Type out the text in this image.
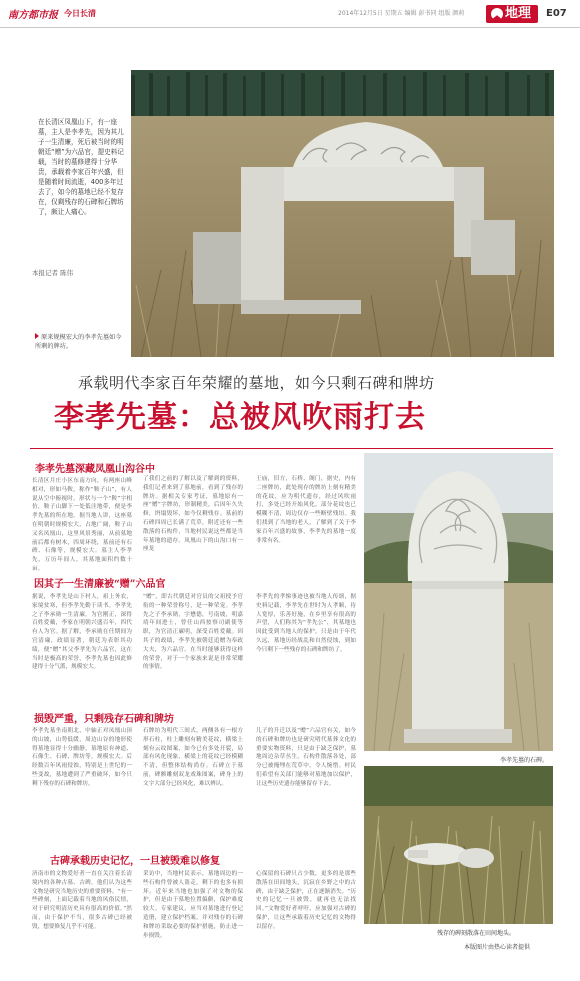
南方都市报 今日长清	2014年12月5日 星期五 编辑 彭书同 组版 颜莉	地理 E07
原来规模宏大的李孝先墓如今所剩的牌坊。
在长清区凤凰山下，有一座墓，主人是李孝先，因为其儿子一生清廉，死后被当时的明朝廷“赠”为六品官，提史料记载，当时的墓修建得十分华贵，承载着李家百年兴盛，但是随着时间流逝，400多年过去了，如今的墓地已经不复存在，仅剩残存的石碑和石牌坊了，颇让人痛心。
本报记者 陈伟
承载明代李家百年荣耀的墓地，如今只剩石碑和牌坊
李孝先墓：总被风吹雨打去
李孝先墓深藏凤凰山沟谷中
长清区月庄小区东南方向，有两座山峰相对，形如马鞍，称作“鞍子山”，有人说从空中俯视时，形状与一个“鞍”字相仿，鞍子山脚下一处低洼地带，便是李孝先墓的所在地。据当地人讲，这座墓在明朝时规模宏大，占地广阔，鞍子山又名凤凰山，这里风景秀丽，从前墓地前后都有树木，四周环绕，墓前还有石碑、石像等，规模宏大。墓主人李孝先，万历年间人，其墓地面积约数十亩。
了我们之前的了解以及了解到的资料，我们记者来到了墓地前，看到了残存的牌坊。据相关专家考证，墓地原有一座“赠”字牌坊，形制精美，后因年久失修，坍塌毁坏，如今仅剩残存。墓前的石碑四周已长满了荒草，附近还有一些散落的石构件，当地村民说这些都是当年墓地的遗存。凤凰山下的山沟口有一座龙
王庙，旧方，石桥、阁门，据史，内有二座牌坊，此处现存的牌坊上刻有精美的花纹，应为明代遗存，经过风吹雨打，多处已经开始风化，部分花纹也已模糊不清，周边仅存一些断壁残垣。我们找到了当地的老人，了解到了关于李家百年兴盛的故事，李孝先的墓地一度非常有名。
因其子一生清廉被“赠”六品官
据说，李孝先是山下村人，祖上务农，家境贫寒，但李孝先勤于读书。李孝先之子李承勋一生清廉，为官刚正，深得百姓爱戴，李家在明朝兴盛百年，四代有人为官。据了解，李承勋在任期间为官清廉，政绩显著，朝廷为表彰其功绩，便“赠”其父李孝先为六品官，这在当时是极高的荣誉，李孝先墓也因此修建得十分气派，规模宏大。
“赠”，即古代朝廷对官员的父祖授予官衔的一种荣誉称号，是一种荣宠。李孝先之子李承勋，字懋德，号南坡，明嘉靖年间进士，曾任山西按察司副使等职，为官清正廉明，深受百姓爱戴。因其子的政绩，李孝先被朝廷追赠为奉政大夫，为六品官。在当时能够获得这样的荣誉，对于一个家族来说是非常荣耀的事情。
李孝先的孝悌事迹也被当地人传颂，据史料记载，李孝先在世时为人孝顺，待人宽厚，乐善好施，在乡里享有很高的声望，人们称其为“孝先公”，其墓地也因此受到当地人的保护。只是由于年代久远，墓地历经战乱和自然侵蚀，到如今只剩下一些残存的石碑和牌坊了。
损毁严重，只剩残存石碑和牌坊
李孝先墓坐南朝北，中轴正对凤凰山顶的山坡，山势低缓，周边山谷的地形使得墓地显得十分幽静，墓地原有神道、石像生、石碑、牌坊等，规模宏大。后经数百年风雨侵蚀，特别是上世纪的一些变故，墓地遭到了严重破坏，如今只剩下残存的石碑和牌坊。
石牌坊为明代三间式，两侧各有一根方形石柱，柱上雕刻有精美花纹，横梁上刻有云纹图案，如今已有多处开裂，局部有风化现象，横梁上的花纹已经模糊不清，但整体结构尚存。石碑立于墓前，碑额雕刻双龙戏珠图案，碑身上的文字大部分已经风化，难以辨认。
儿子的升迁以及“赠”六品官有关，如今的石碑和牌坊也是研究明代墓葬文化的重要实物资料，只是由于缺乏保护，墓地周边杂草丛生，石构件散落各处，部分已被掩埋在荒草中，令人惋惜。村民们希望有关部门能够对墓地加以保护，让这些历史遗存能够留存下去。
古碑承载历史记忆，一旦被毁难以修复
济南市的文物爱好者一直在关注着长清境内的各种古墓、古碑，他们认为这些文物是研究当地历史的重要资料。“有一些碑刻，上面记载着当地的风俗民情，对于研究明清历史具有很高的价值。”然而，由于保护不当，很多古碑已经被毁，想要修复几乎不可能。
采访中，当地村民表示，墓地周边的一些石构件曾被人盗走，剩下的也多有损坏。近年来当地也加强了对文物的保护，但是由于墓地位置偏僻，保护难度较大。专家建议，应当对墓地进行登记造册，建立保护档案，并对残存的石碑和牌坊采取必要的保护措施，防止进一步损毁。
心保留的石碑只占少数，更多的是那些散落在田间地头，沉寂在乡野之中的古碑，由于缺乏保护，正在逐渐消失。“历史的记忆一旦被毁，就再也无法找回。”文物爱好者呼吁，应加强对古碑的保护，让这些承载着历史记忆的文物得以留存。
李孝先墓的石碑。
残存的碑刻散落在田间地头。
本版图片由热心读者提供
